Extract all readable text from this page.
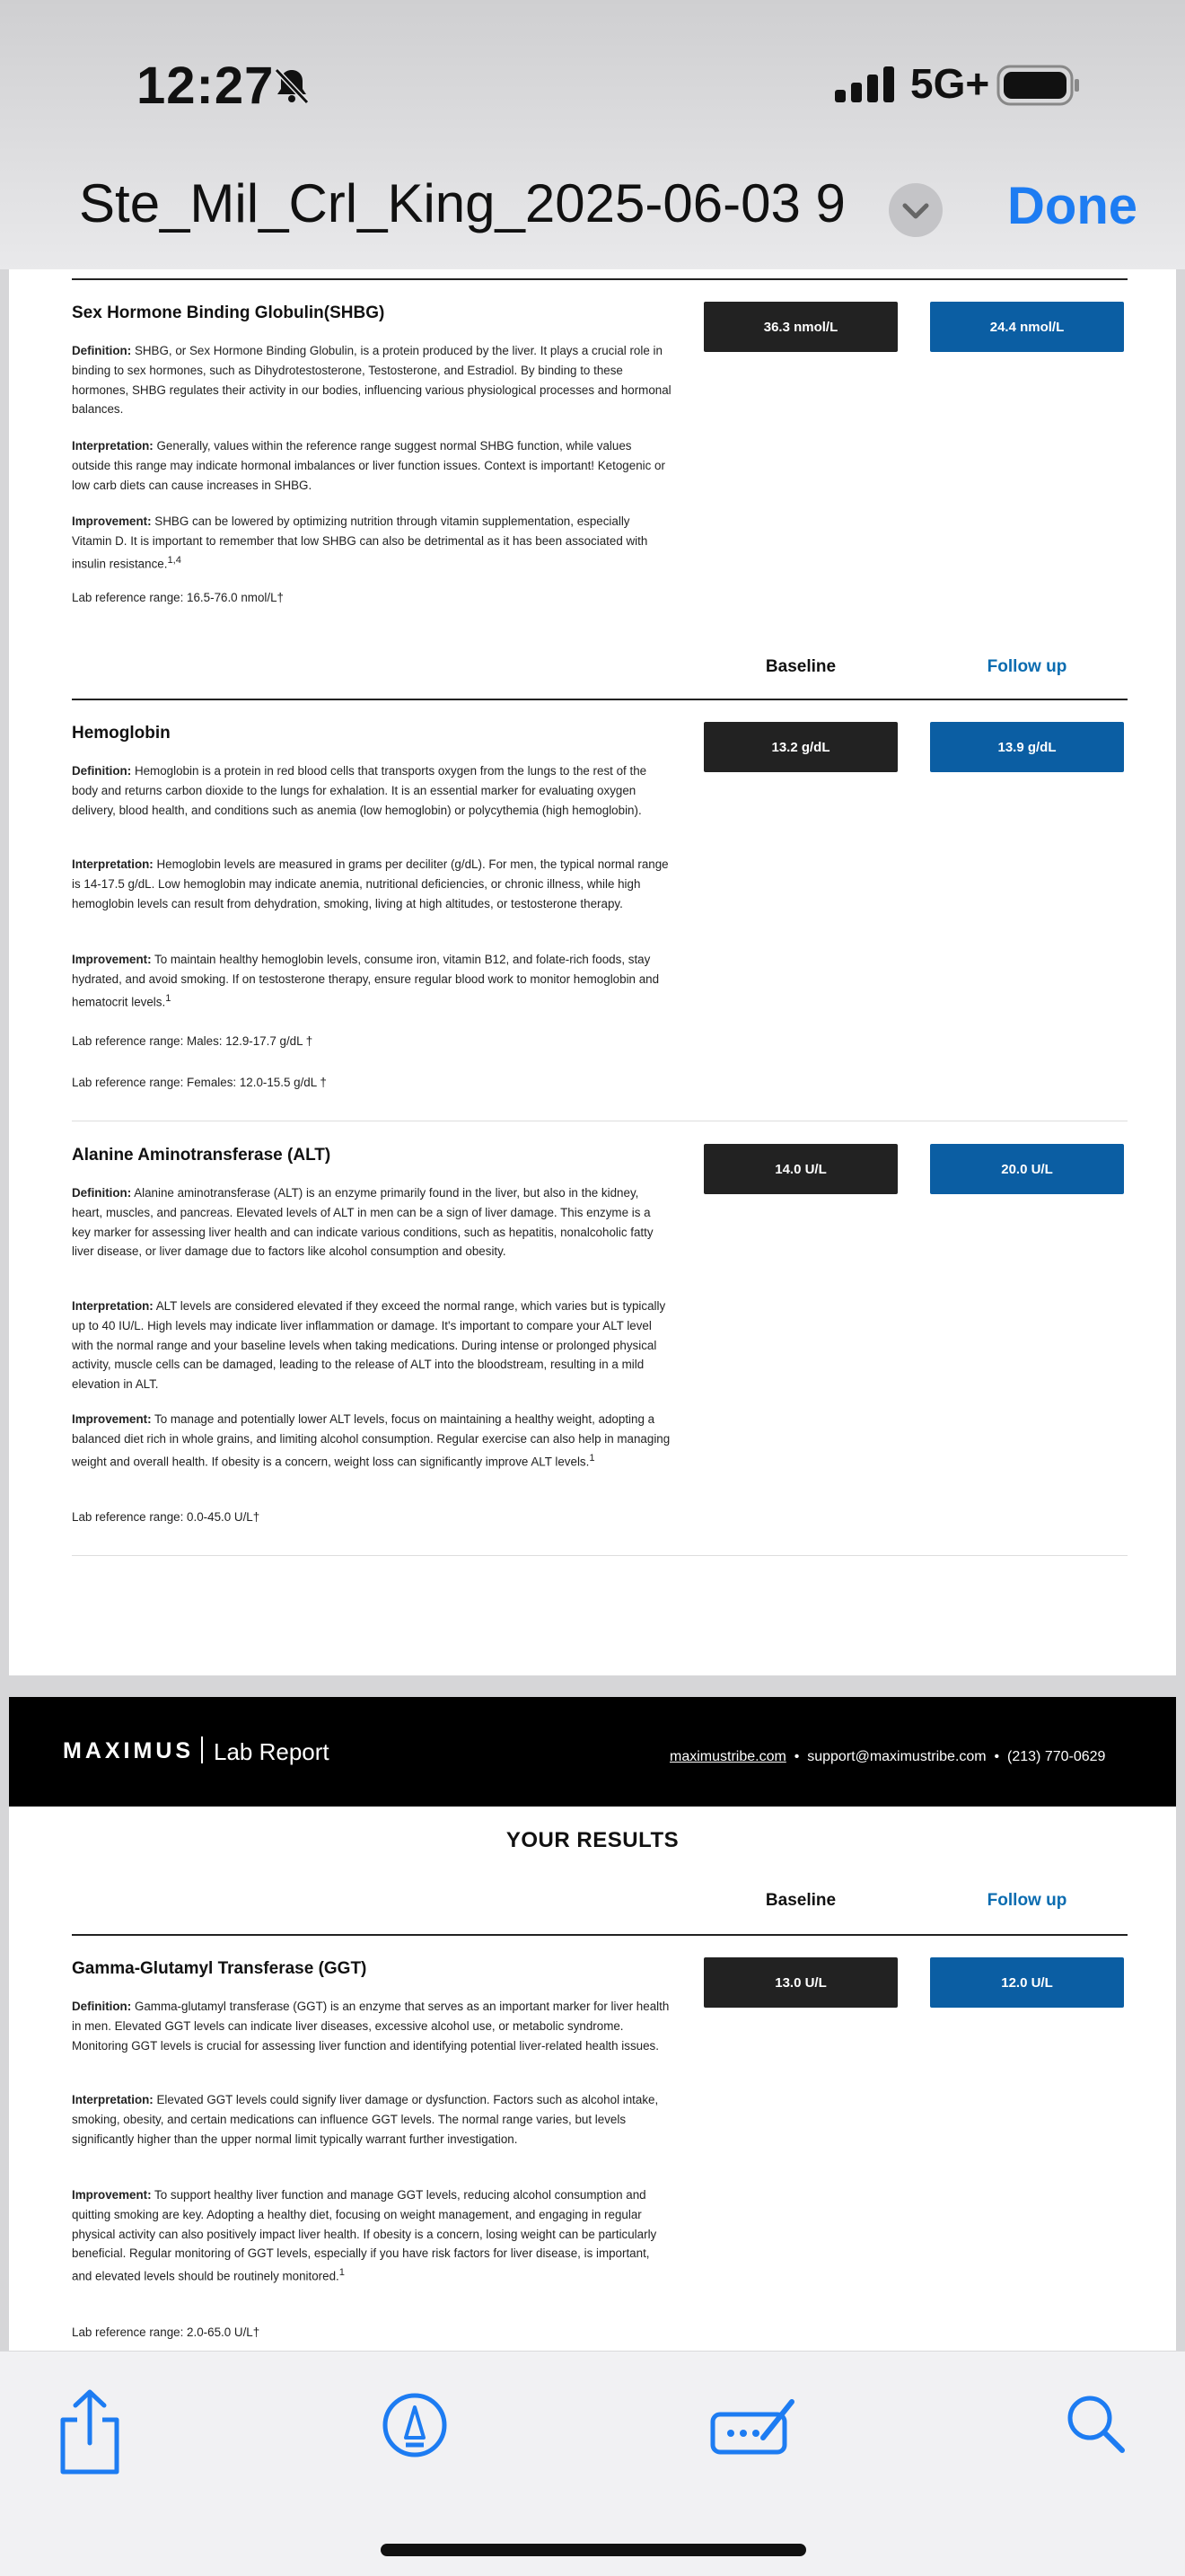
12:27	5G+
Ste_Mil_Crl_King_2025-06-03 9	Done
Sex Hormone Binding Globulin(SHBG)
36.3 nmol/L	24.4 nmol/L

Definition: SHBG, or Sex Hormone Binding Globulin, is a protein produced by the liver. It plays a crucial role in binding to sex hormones, such as Dihydrotestosterone, Testosterone, and Estradiol. By binding to these hormones, SHBG regulates their activity in our bodies, influencing various physiological processes and hormonal balances.

Interpretation: Generally, values within the reference range suggest normal SHBG function, while values outside this range may indicate hormonal imbalances or liver function issues. Context is important! Ketogenic or low carb diets can cause increases in SHBG.

Improvement: SHBG can be lowered by optimizing nutrition through vitamin supplementation, especially Vitamin D. It is important to remember that low SHBG can also be detrimental as it has been associated with insulin resistance.$^{1,4}$

Lab reference range: 16.5-76.0 nmol/L†
Baseline	Follow up
Hemoglobin
13.2 g/dL	13.9 g/dL

Definition: Hemoglobin is a protein in red blood cells that transports oxygen from the lungs to the rest of the body and returns carbon dioxide to the lungs for exhalation. It is an essential marker for evaluating oxygen delivery, blood health, and conditions such as anemia (low hemoglobin) or polycythemia (high hemoglobin).

Interpretation: Hemoglobin levels are measured in grams per deciliter (g/dL). For men, the typical normal range is 14-17.5 g/dL. Low hemoglobin may indicate anemia, nutritional deficiencies, or chronic illness, while high hemoglobin levels can result from dehydration, smoking, living at high altitudes, or testosterone therapy.

Improvement: To maintain healthy hemoglobin levels, consume iron, vitamin B12, and folate-rich foods, stay hydrated, and avoid smoking. If on testosterone therapy, ensure regular blood work to monitor hemoglobin and hematocrit levels.$^1$

Lab reference range: Males: 12.9-17.7 g/dL †
Lab reference range: Females: 12.0-15.5 g/dL †
Alanine Aminotransferase (ALT)
14.0 U/L	20.0 U/L

Definition: Alanine aminotransferase (ALT) is an enzyme primarily found in the liver, but also in the kidney, heart, muscles, and pancreas. Elevated levels of ALT in men can be a sign of liver damage. This enzyme is a key marker for assessing liver health and can indicate various conditions, such as hepatitis, nonalcoholic fatty liver disease, or liver damage due to factors like alcohol consumption and obesity.

Interpretation: ALT levels are considered elevated if they exceed the normal range, which varies but is typically up to 40 IU/L. High levels may indicate liver inflammation or damage. It's important to compare your ALT level with the normal range and your baseline levels when taking medications. During intense or prolonged physical activity, muscle cells can be damaged, leading to the release of ALT into the bloodstream, resulting in a mild elevation in ALT.

Improvement: To manage and potentially lower ALT levels, focus on maintaining a healthy weight, adopting a balanced diet rich in whole grains, and limiting alcohol consumption. Regular exercise can also help in managing weight and overall health. If obesity is a concern, weight loss can significantly improve ALT levels.$^1$

Lab reference range: 0.0-45.0 U/L†
MAXIMUS Lab Report	maximustribe.com • support@maximustribe.com • (213) 770-0629
YOUR RESULTS
Baseline	Follow up
Gamma-Glutamyl Transferase (GGT)
13.0 U/L	12.0 U/L

Definition: Gamma-glutamyl transferase (GGT) is an enzyme that serves as an important marker for liver health in men. Elevated GGT levels can indicate liver diseases, excessive alcohol use, or metabolic syndrome. Monitoring GGT levels is crucial for assessing liver function and identifying potential liver-related health issues.

Interpretation: Elevated GGT levels could signify liver damage or dysfunction. Factors such as alcohol intake, smoking, obesity, and certain medications can influence GGT levels. The normal range varies, but levels significantly higher than the upper normal limit typically warrant further investigation.

Improvement: To support healthy liver function and manage GGT levels, reducing alcohol consumption and quitting smoking are key. Adopting a healthy diet, focusing on weight management, and engaging in regular physical activity can also positively impact liver health. If obesity is a concern, losing weight can be particularly beneficial. Regular monitoring of GGT levels, especially if you have risk factors for liver disease, is important, and elevated levels should be routinely monitored.$^1$

Lab reference range: 2.0-65.0 U/L†
